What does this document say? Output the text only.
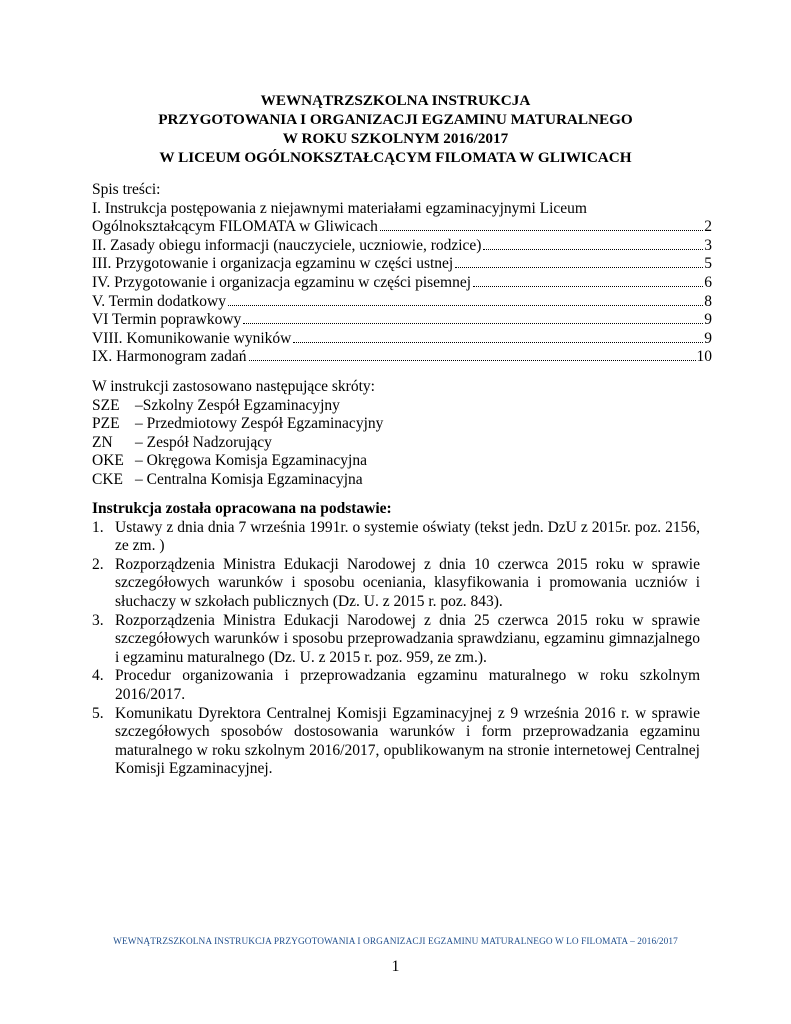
WEWNĄTRZSZKOLNA INSTRUKCJA
PRZYGOTOWANIA I ORGANIZACJI EGZAMINU MATURALNEGO
W ROKU SZKOLNYM 2016/2017
W LICEUM OGÓLNOKSZTAŁCĄCYM FILOMATA W GLIWICACH
Spis treści:
I. Instrukcja postępowania z niejawnymi materiałami egzaminacyjnymi Liceum
Ogólnokształcącym FILOMATA w Gliwicach	2
II. Zasady obiegu informacji (nauczyciele, uczniowie, rodzice)	3
III. Przygotowanie i organizacja egzaminu w części ustnej	5
IV. Przygotowanie i organizacja egzaminu w części pisemnej	6
V. Termin dodatkowy	8
VI Termin poprawkowy	9
VIII. Komunikowanie wyników	9
IX. Harmonogram zadań	10
W instrukcji zastosowano następujące skróty:
SZE –Szkolny Zespół Egzaminacyjny
PZE – Przedmiotowy Zespół Egzaminacyjny
ZN	– Zespół Nadzorujący
OKE – Okręgowa Komisja Egzaminacyjna
CKE – Centralna Komisja Egzaminacyjna
Instrukcja została opracowana na podstawie:
1. Ustawy z dnia dnia 7 września 1991r. o systemie oświaty (tekst jedn. DzU z 2015r. poz. 2156, ze zm. )
2. Rozporządzenia Ministra Edukacji Narodowej z dnia 10 czerwca 2015 roku w sprawie szczegółowych warunków i sposobu oceniania, klasyfikowania i promowania uczniów i słuchaczy w szkołach publicznych (Dz. U. z 2015 r. poz. 843).
3. Rozporządzenia Ministra Edukacji Narodowej z dnia 25 czerwca 2015 roku w sprawie szczegółowych warunków i sposobu przeprowadzania sprawdzianu, egzaminu gimnazjalnego i egzaminu maturalnego (Dz. U. z 2015 r. poz. 959, ze zm.).
4. Procedur organizowania i przeprowadzania egzaminu maturalnego w roku szkolnym 2016/2017.
5. Komunikatu Dyrektora Centralnej Komisji Egzaminacyjnej z 9 września 2016 r. w sprawie szczegółowych sposobów dostosowania warunków i form przeprowadzania egzaminu maturalnego w roku szkolnym 2016/2017, opublikowanym na stronie internetowej Centralnej Komisji Egzaminacyjnej.
WEWNĄTRZSZKOLNA INSTRUKCJA PRZYGOTOWANIA I ORGANIZACJI EGZAMINU MATURALNEGO W LO FILOMATA – 2016/2017
1
